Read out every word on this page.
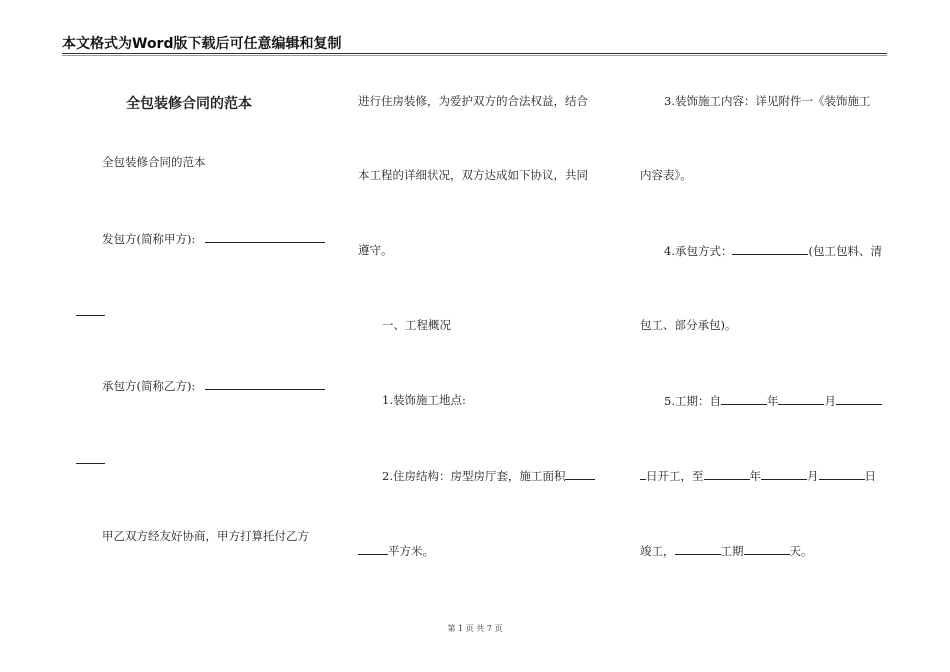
本文格式为Word版下载后可任意编辑和复制
全包装修合同的范本
全包装修合同的范本
发包方(简称甲方):
承包方(简称乙方):
甲乙双方经友好协商，甲方打算托付乙方
进行住房装修，为爱护双方的合法权益，结合
本工程的详细状况，双方达成如下协议，共同
遵守。
一、工程概况
1.装饰施工地点:
2.住房结构：房型房厅套，施工面积
平方米。
3.装饰施工内容：详见附件一《装饰施工
内容表》。
4.承包方式：	(包工包料、清
包工、部分承包)。
5.工期：自	年	月
日开工，至	年	月	日
竣工，	工期	天。
第 1 页 共 7 页
